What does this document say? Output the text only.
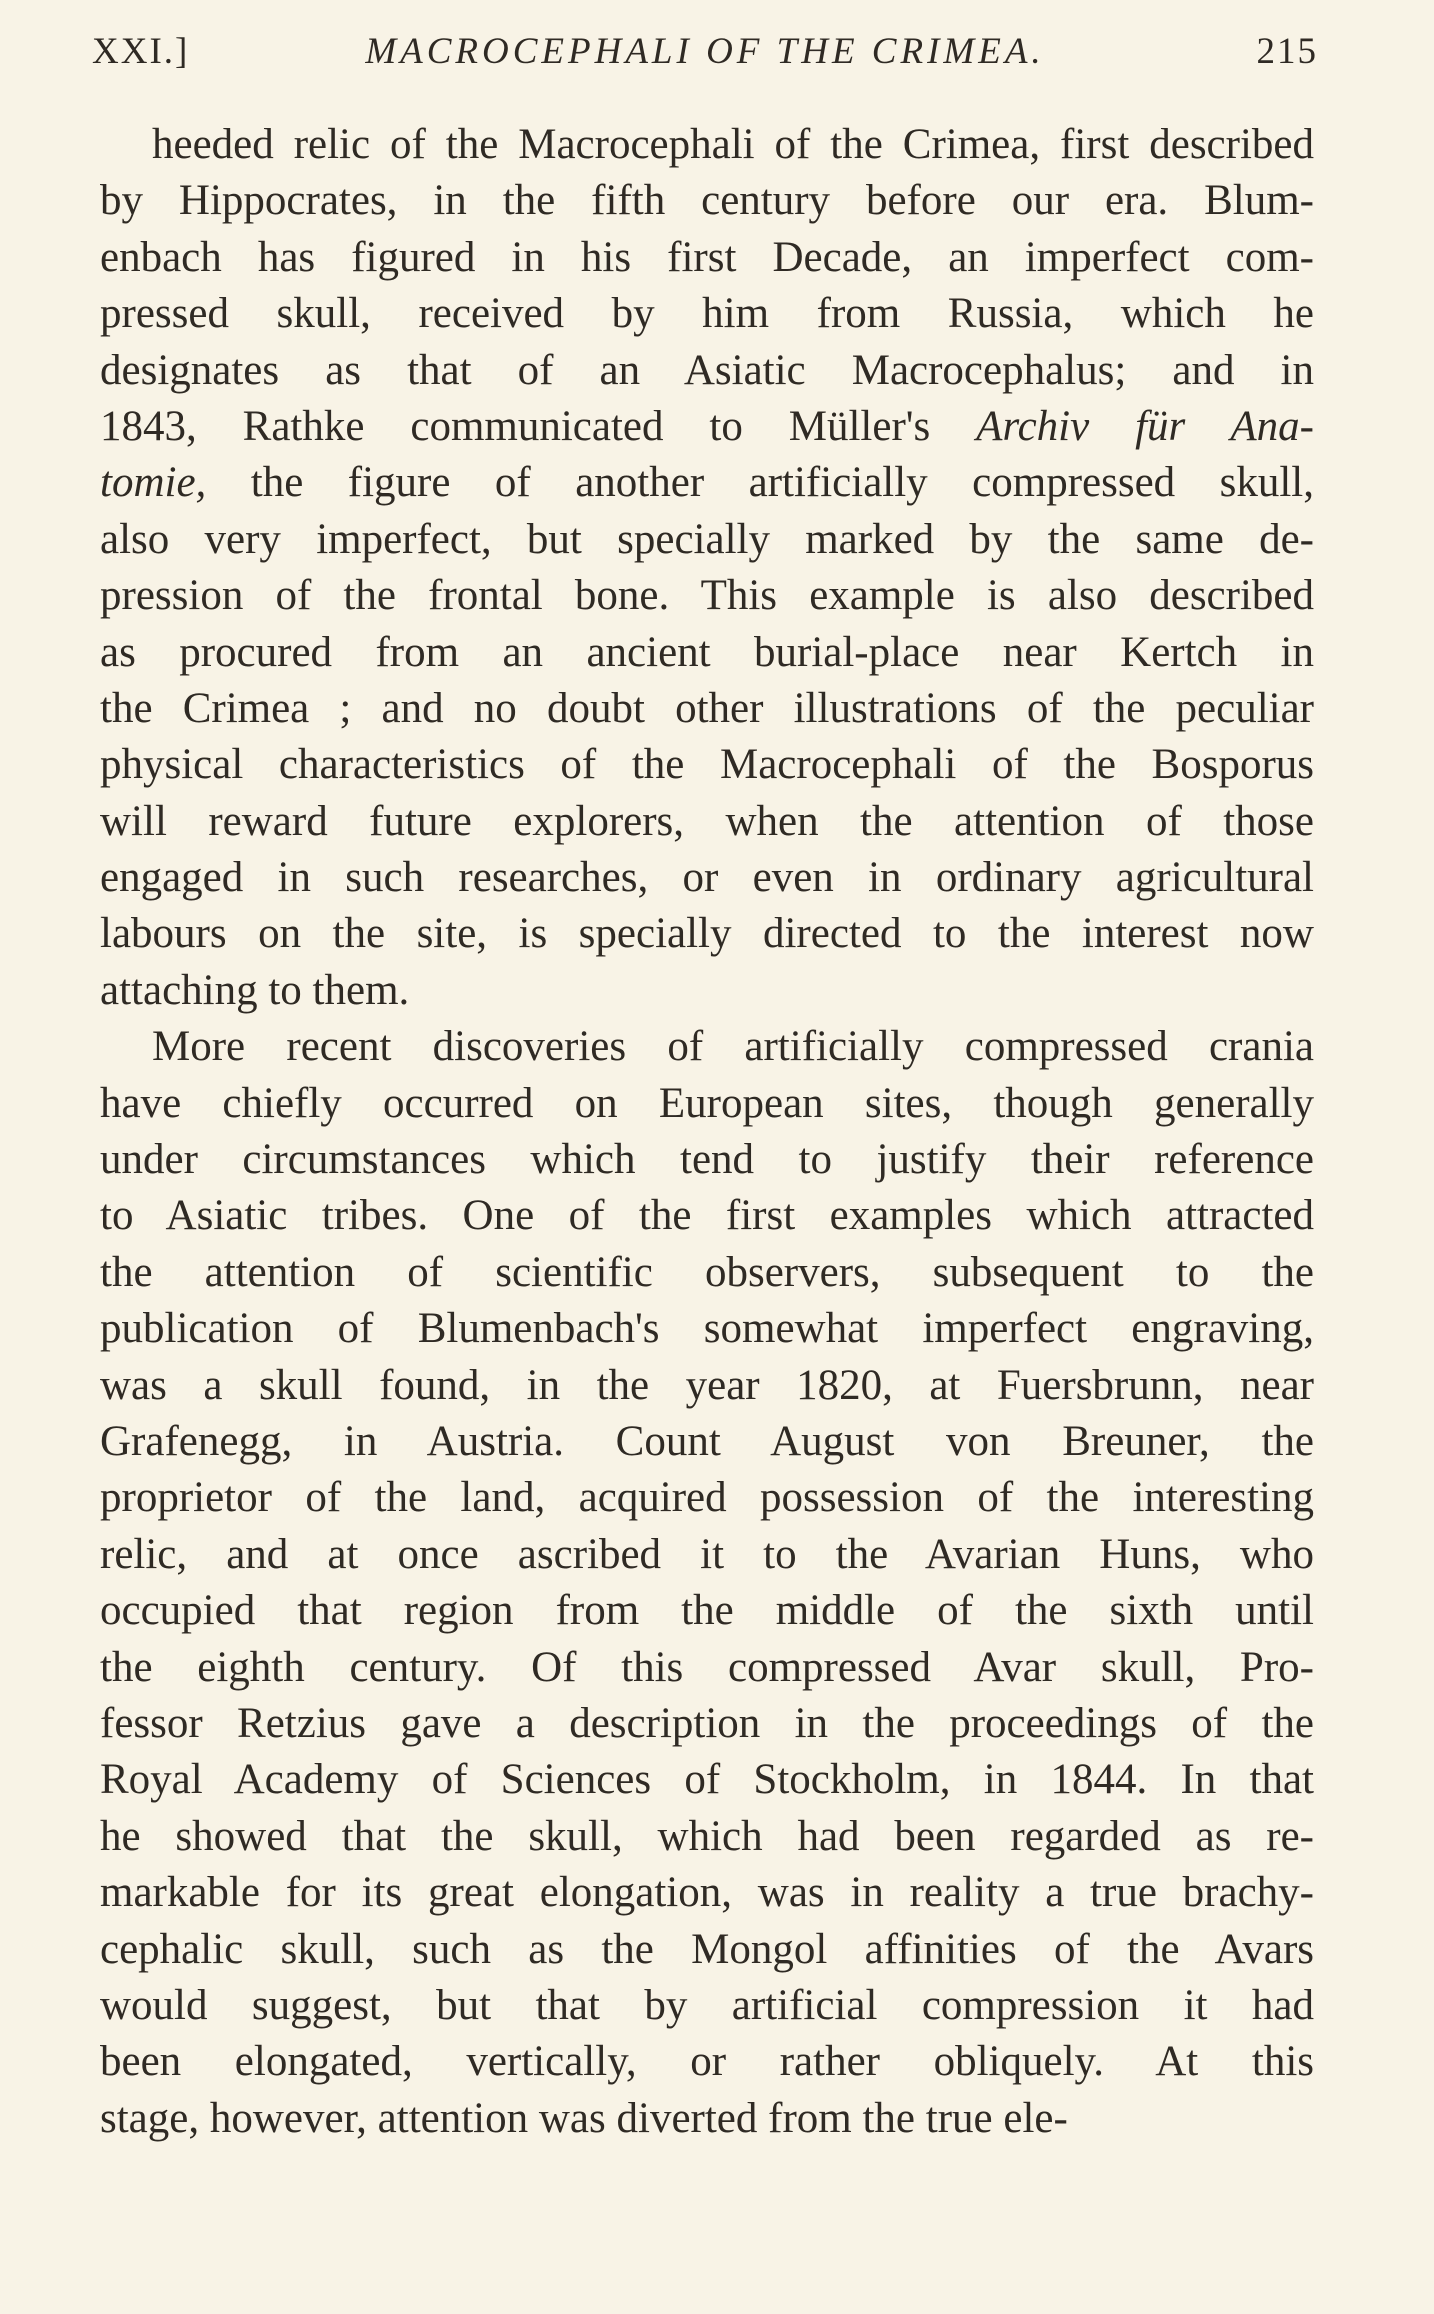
XXI.]	MACROCEPHALI OF THE CRIMEA.	215
heeded relic of the Macrocephali of the Crimea, first described
by Hippocrates, in the fifth century before our era. Blum-
enbach has figured in his first Decade, an imperfect com-
pressed skull, received by him from Russia, which he
designates as that of an Asiatic Macrocephalus; and in
1843, Rathke communicated to Müller's Archiv für Ana-
tomie, the figure of another artificially compressed skull,
also very imperfect, but specially marked by the same de-
pression of the frontal bone. This example is also described
as procured from an ancient burial-place near Kertch in
the Crimea ; and no doubt other illustrations of the peculiar
physical characteristics of the Macrocephali of the Bosporus
will reward future explorers, when the attention of those
engaged in such researches, or even in ordinary agricultural
labours on the site, is specially directed to the interest now
attaching to them.
More recent discoveries of artificially compressed crania
have chiefly occurred on European sites, though generally
under circumstances which tend to justify their reference
to Asiatic tribes. One of the first examples which attracted
the attention of scientific observers, subsequent to the
publication of Blumenbach's somewhat imperfect engraving,
was a skull found, in the year 1820, at Fuersbrunn, near
Grafenegg, in Austria. Count August von Breuner, the
proprietor of the land, acquired possession of the interesting
relic, and at once ascribed it to the Avarian Huns, who
occupied that region from the middle of the sixth until
the eighth century. Of this compressed Avar skull, Pro-
fessor Retzius gave a description in the proceedings of the
Royal Academy of Sciences of Stockholm, in 1844. In that
he showed that the skull, which had been regarded as re-
markable for its great elongation, was in reality a true brachy-
cephalic skull, such as the Mongol affinities of the Avars
would suggest, but that by artificial compression it had
been elongated, vertically, or rather obliquely. At this
stage, however, attention was diverted from the true ele-
